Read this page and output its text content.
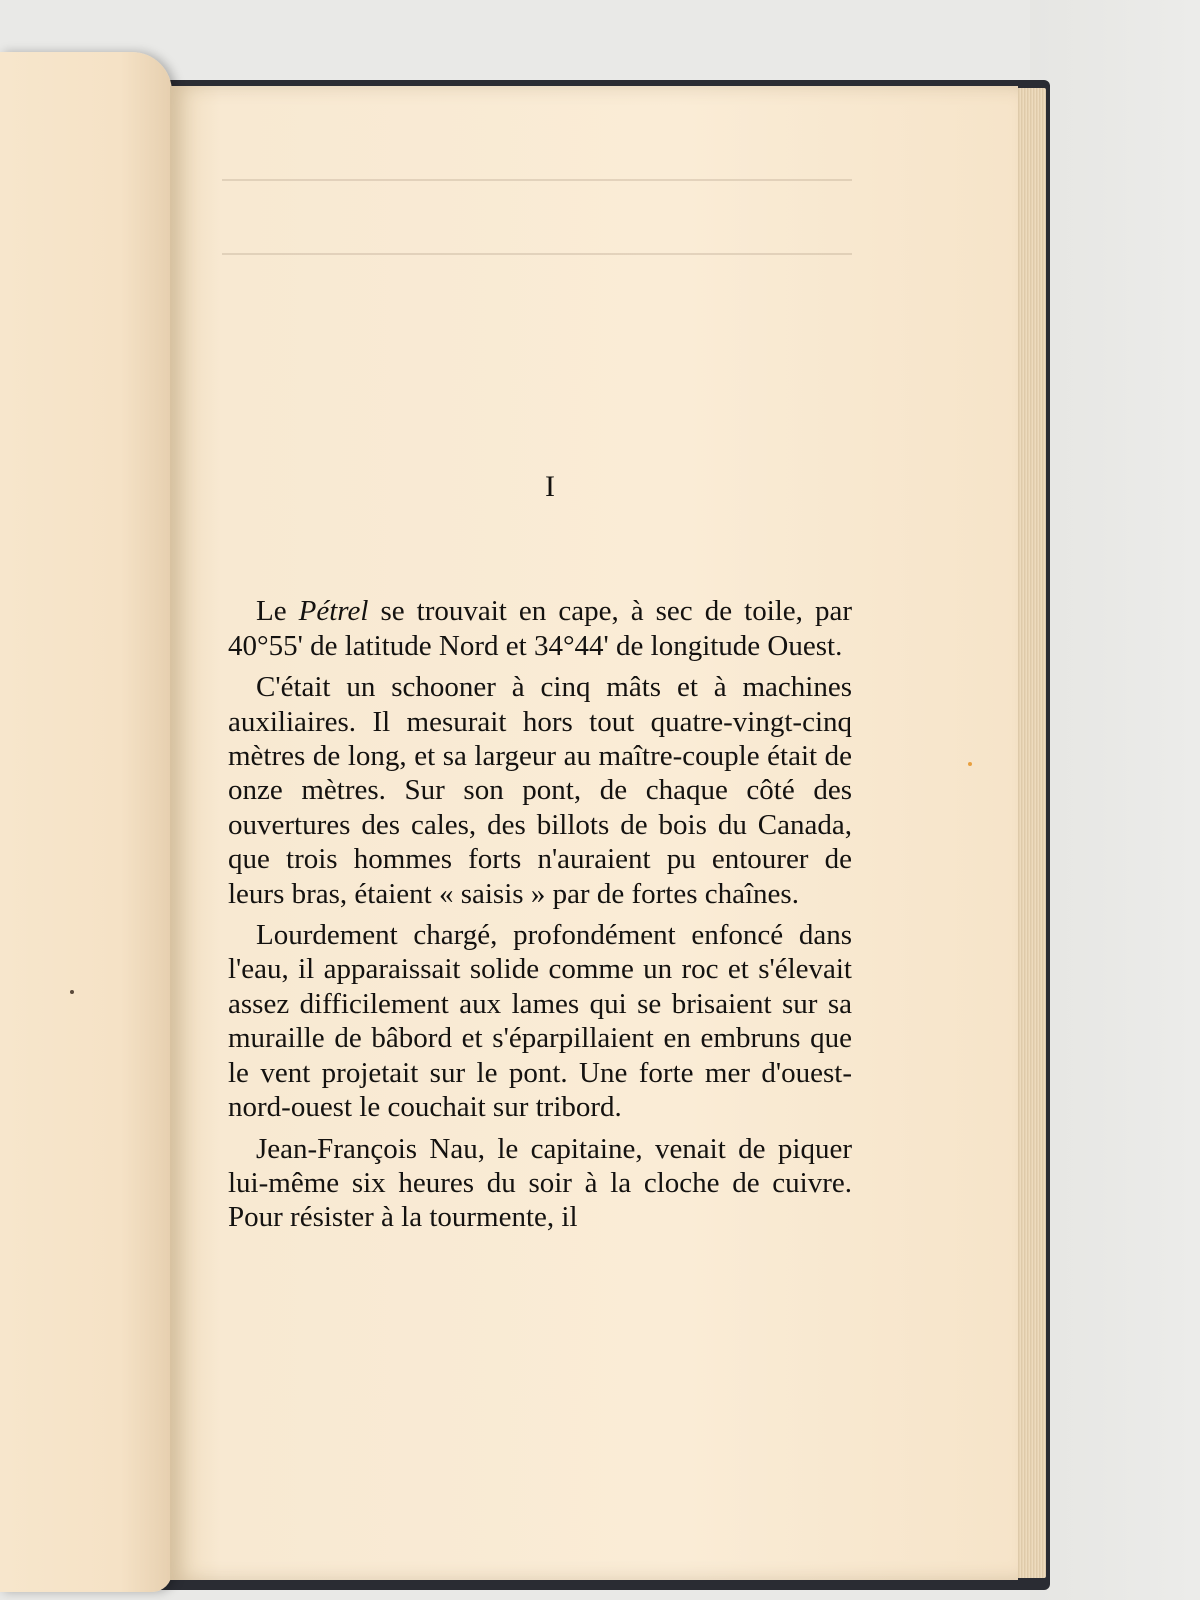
I

Le Pétrel se trouvait en cape, à sec de toile, par 40°55' de latitude Nord et 34°44' de longitude Ouest.

C'était un schooner à cinq mâts et à machines auxiliaires. Il mesurait hors tout quatre-vingt-cinq mètres de long, et sa largeur au maître-couple était de onze mètres. Sur son pont, de chaque côté des ouvertures des cales, des billots de bois du Canada, que trois hommes forts n'auraient pu entourer de leurs bras, étaient « saisis » par de fortes chaînes.

Lourdement chargé, profondément enfoncé dans l'eau, il apparaissait solide comme un roc et s'élevait assez difficilement aux lames qui se brisaient sur sa muraille de bâbord et s'éparpillaient en embruns que le vent projetait sur le pont. Une forte mer d'ouest-nord-ouest le couchait sur tribord.

Jean-François Nau, le capitaine, venait de piquer lui-même six heures du soir à la cloche de cuivre. Pour résister à la tourmente, il
